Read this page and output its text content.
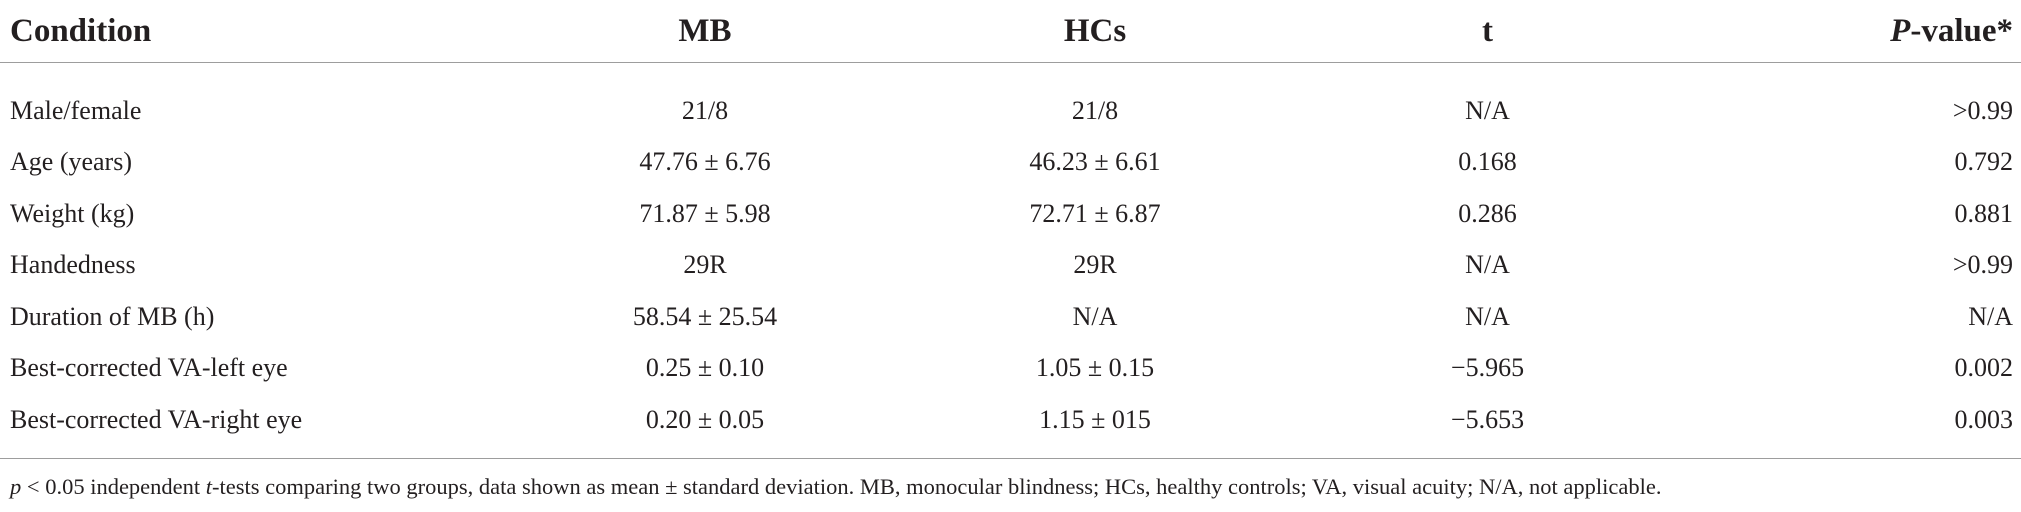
Condition	MB	HCs	t	P-value*

Male/female	21/8	21/8	N/A	>0.99
Age (years)	47.76 ± 6.76	46.23 ± 6.61	0.168	0.792
Weight (kg)	71.87 ± 5.98	72.71 ± 6.87	0.286	0.881
Handedness	29R	29R	N/A	>0.99
Duration of MB (h)	58.54 ± 25.54	N/A	N/A	N/A
Best-corrected VA-left eye	0.25 ± 0.10	1.05 ± 0.15	−5.965	0.002
Best-corrected VA-right eye	0.20 ± 0.05	1.15 ± 015	−5.653	0.003
p < 0.05 independent t-tests comparing two groups, data shown as mean ± standard deviation. MB, monocular blindness; HCs, healthy controls; VA, visual acuity; N/A, not applicable.
